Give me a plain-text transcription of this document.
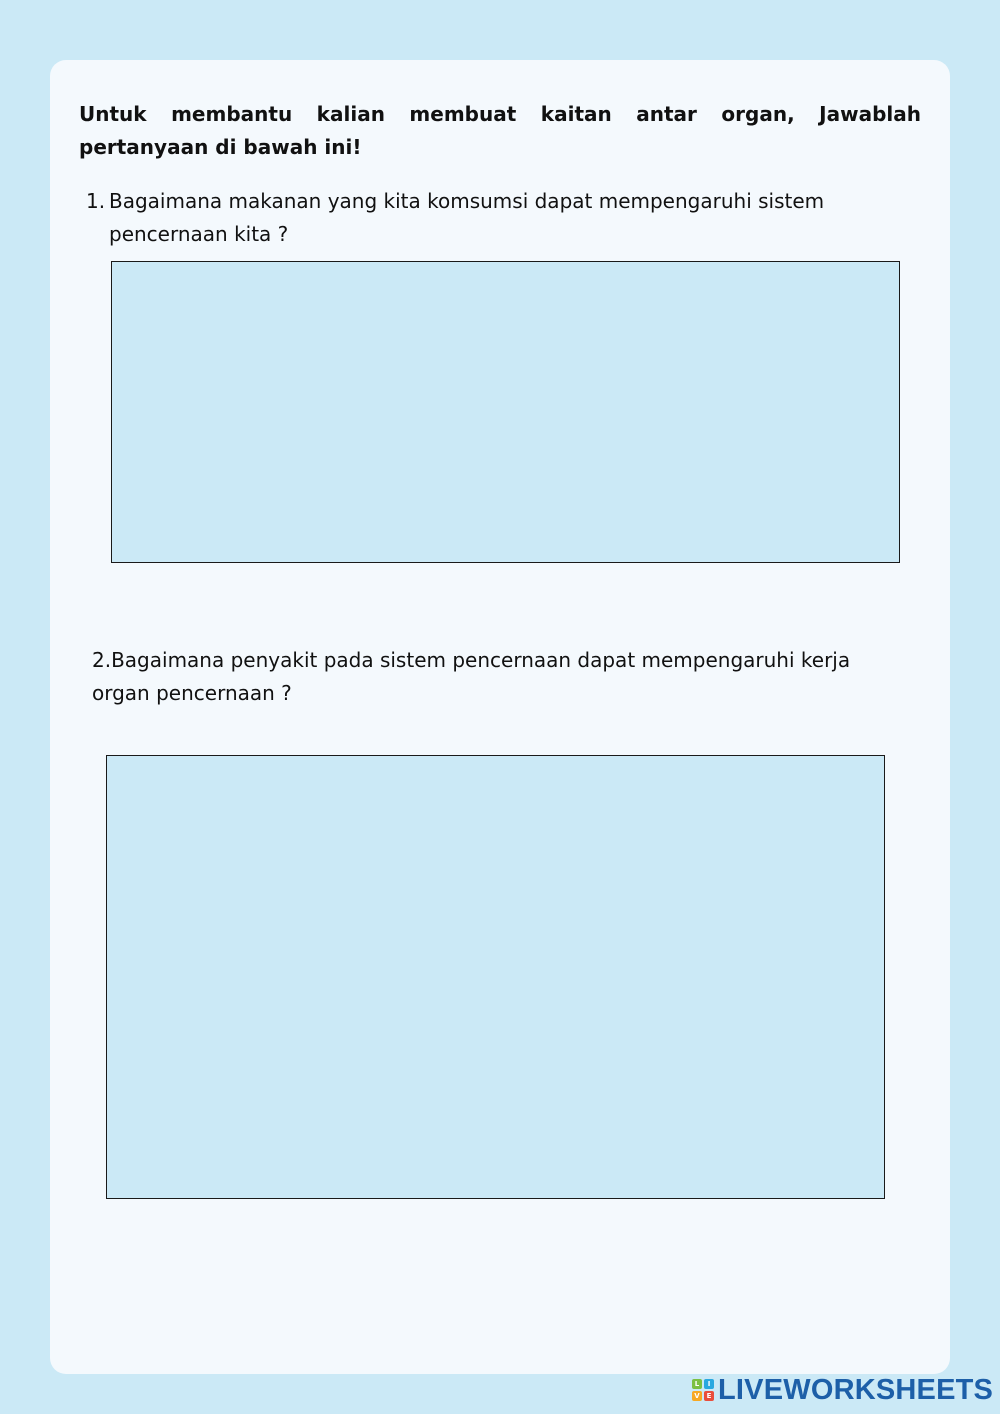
Untuk membantu kalian membuat kaitan antar organ, Jawablah pertanyaan di bawah ini!

1. Bagaimana makanan yang kita komsumsi dapat mempengaruhi sistem pencernaan kita ?

2.Bagaimana penyakit pada sistem pencernaan dapat mempengaruhi kerja organ pencernaan ?

L	I
V E LIVEWORKSHEETS
